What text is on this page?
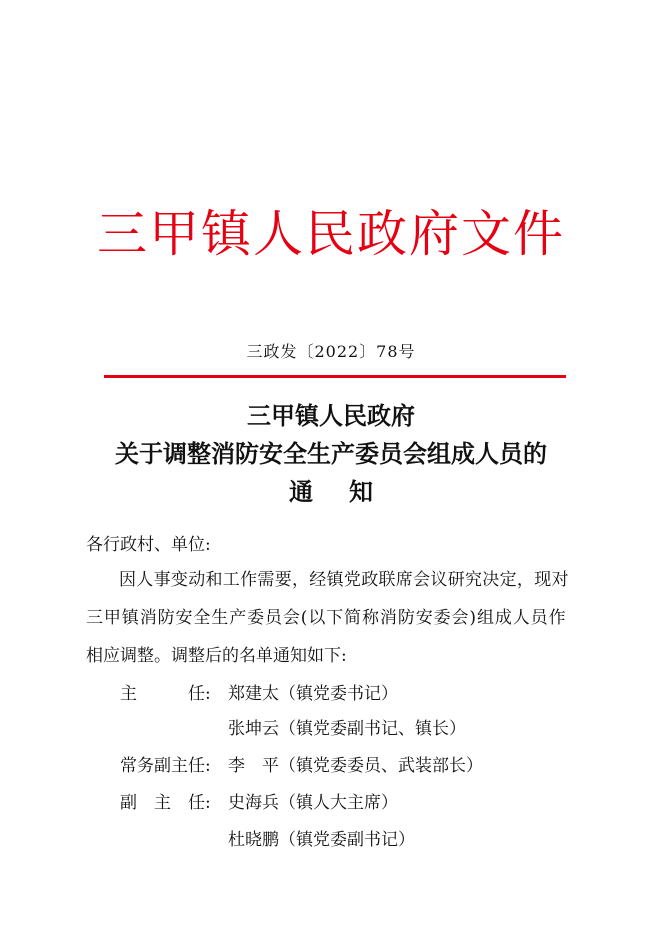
三甲镇人民政府文件
三政发〔2022〕78号
三甲镇人民政府
关于调整消防安全生产委员会组成人员的
通 知
各行政村、单位:
因人事变动和工作需要，经镇党政联席会议研究决定，现对
三甲镇消防安全生产委员会(以下简称消防安委会)组成人员作
相应调整。调整后的名单通知如下:
主　　　任: 郑建太（镇党委书记）
张坤云（镇党委副书记、镇长）
常务副主任: 李　平（镇党委委员、武装部长）
副　主　任: 史海兵（镇人大主席）
杜晓鹏（镇党委副书记）
